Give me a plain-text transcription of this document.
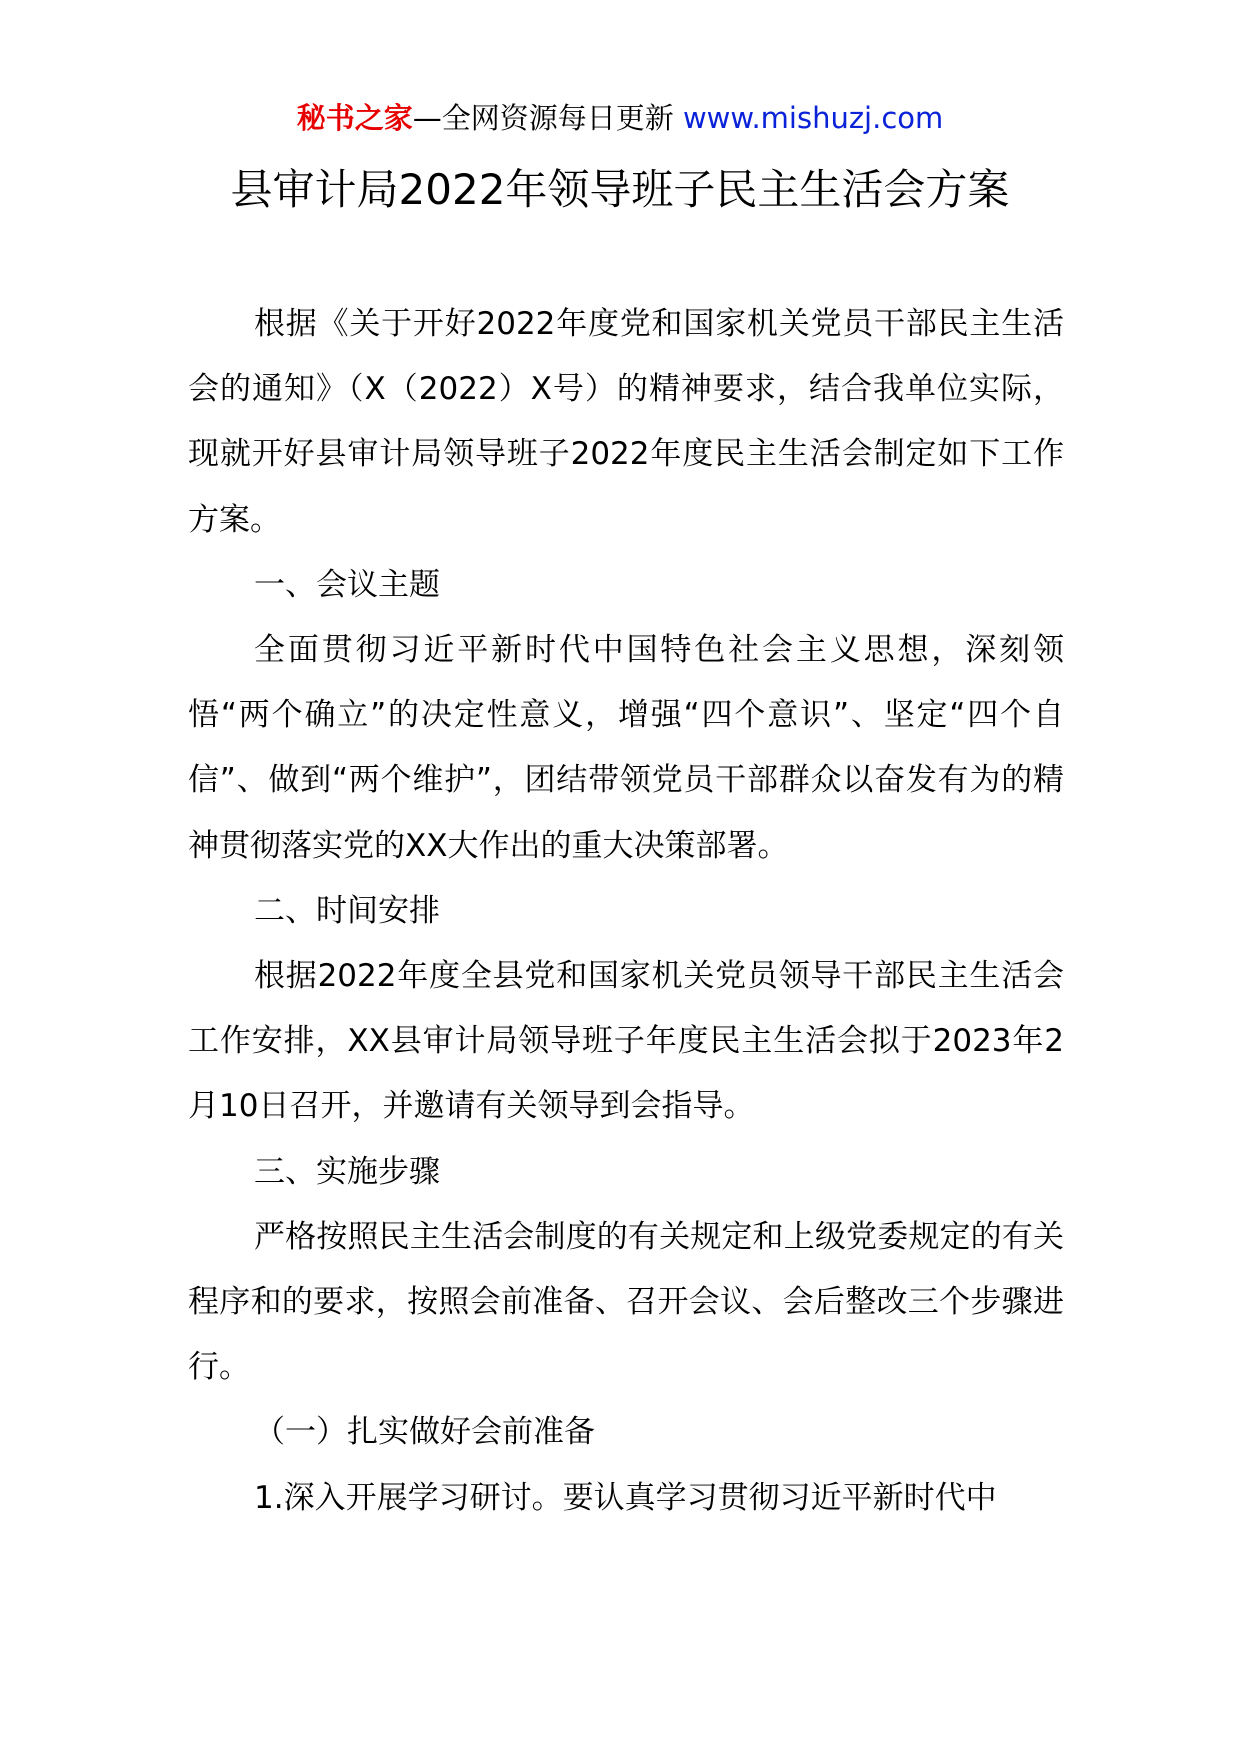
秘书之家—全网资源每日更新 www.mishuzj.com
县审计局2022年领导班子民主生活会方案

根据《关于开好2022年度党和国家机关党员干部民主生活会的通知》（X（2022）X号）的精神要求，结合我单位实际，现就开好县审计局领导班子2022年度民主生活会制定如下工作方案。

一、会议主题

全面贯彻习近平新时代中国特色社会主义思想，深刻领悟“两个确立”的决定性意义，增强“四个意识”、坚定“四个自信”、做到“两个维护”，团结带领党员干部群众以奋发有为的精神贯彻落实党的XX大作出的重大决策部署。

二、时间安排

根据2022年度全县党和国家机关党员领导干部民主生活会工作安排，XX县审计局领导班子年度民主生活会拟于2023年2月10日召开，并邀请有关领导到会指导。

三、实施步骤

严格按照民主生活会制度的有关规定和上级党委规定的有关程序和的要求，按照会前准备、召开会议、会后整改三个步骤进行。

（一）扎实做好会前准备

1.深入开展学习研讨。要认真学习贯彻习近平新时代中
